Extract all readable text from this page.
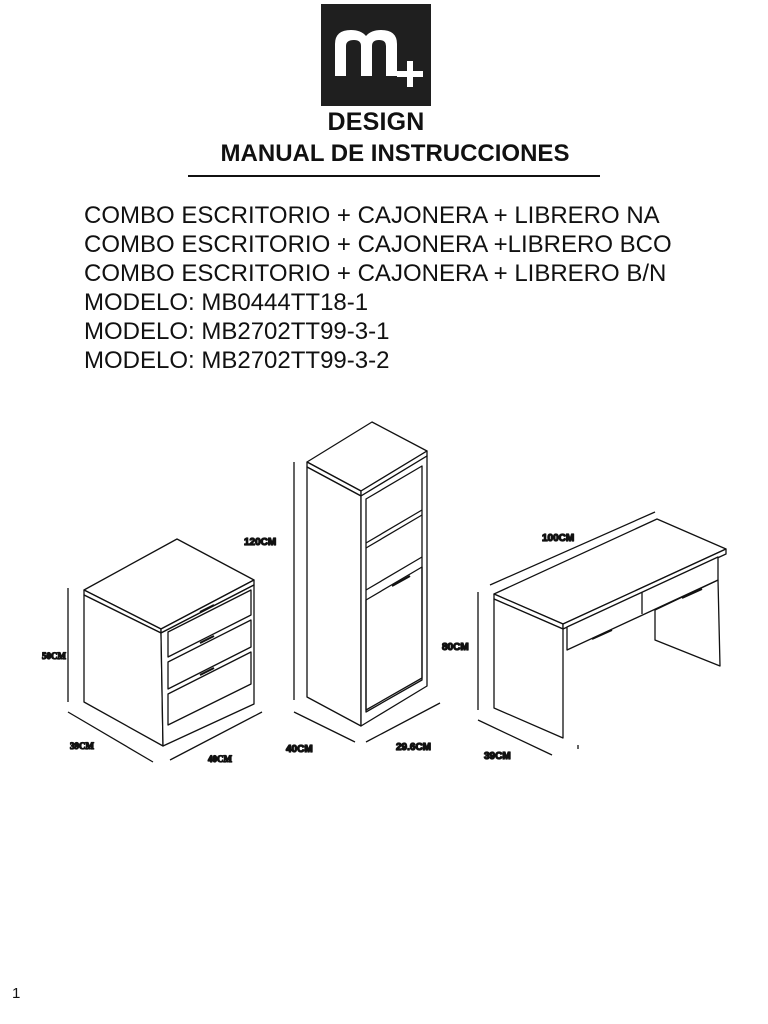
DESIGN
MANUAL DE INSTRUCCIONES
COMBO ESCRITORIO + CAJONERA + LIBRERO NA
COMBO ESCRITORIO + CAJONERA +LIBRERO BCO
COMBO ESCRITORIO + CAJONERA + LIBRERO B/N
MODELO: MB0444TT18-1
MODELO: MB2702TT99-3-1
MODELO: MB2702TT99-3-2
50CM
39CM
40CM
120CM
40CM	29.6CM
100CM
80CM
39CM
1
